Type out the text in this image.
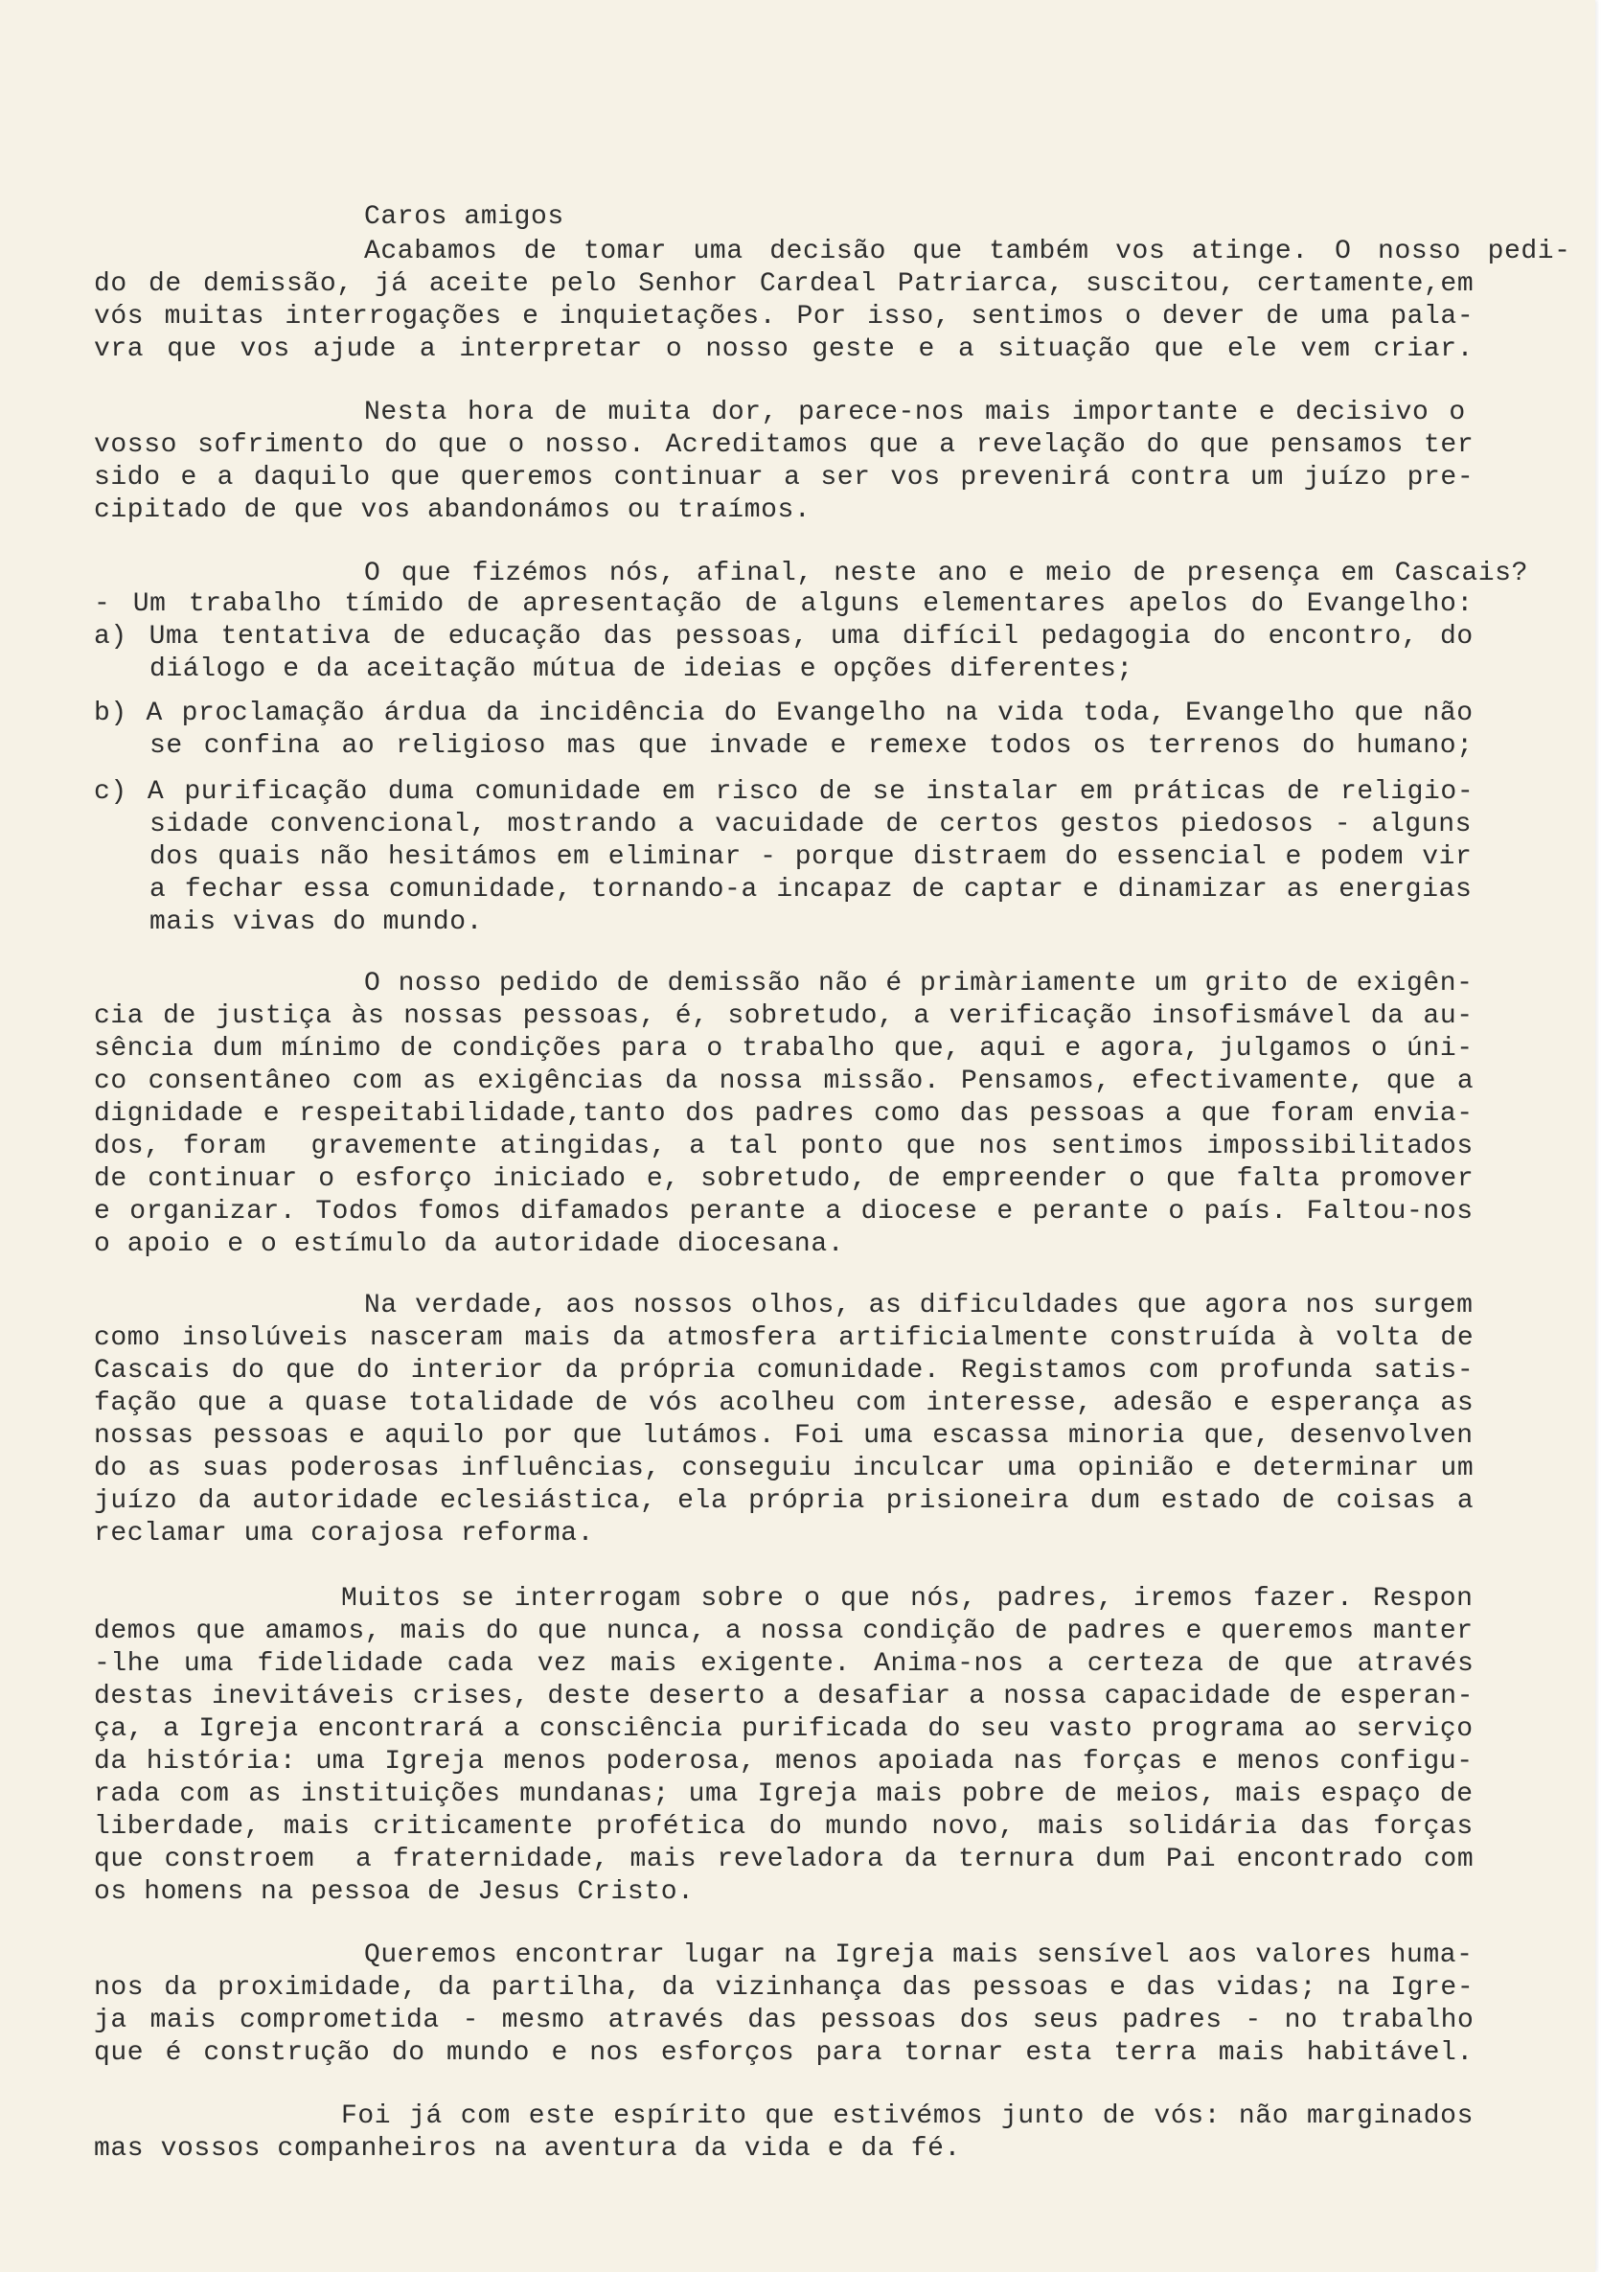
Caros amigos
Acabamos de tomar uma decisão que também vos atinge. O nosso pedi-
do de demissão, já aceite pelo Senhor Cardeal Patriarca, suscitou, certamente,em
vós muitas interrogações e inquietações. Por isso, sentimos o dever de uma pala-
vra que vos ajude a interpretar o nosso geste e a situação que ele vem criar.
Nesta hora de muita dor, parece-nos mais importante e decisivo o
vosso sofrimento do que o nosso. Acreditamos que a revelação do que pensamos ter
sido e a daquilo que queremos continuar a ser vos prevenirá contra um juízo pre-
cipitado de que vos abandonámos ou traímos.
O que fizémos nós, afinal, neste ano e meio de presença em Cascais?
- Um trabalho tímido de apresentação de alguns elementares apelos do Evangelho:
a) Uma tentativa de educação das pessoas, uma difícil pedagogia do encontro, do
diálogo e da aceitação mútua de ideias e opções diferentes;
b) A proclamação árdua da incidência do Evangelho na vida toda, Evangelho que não
se confina ao religioso mas que invade e remexe todos os terrenos do humano;
c) A purificação duma comunidade em risco de se instalar em práticas de religio-
sidade convencional, mostrando a vacuidade de certos gestos piedosos - alguns
dos quais não hesitámos em eliminar - porque distraem do essencial e podem vir
a fechar essa comunidade, tornando-a incapaz de captar e dinamizar as energias
mais vivas do mundo.
O nosso pedido de demissão não é primàriamente um grito de exigên-
cia de justiça às nossas pessoas, é, sobretudo, a verificação insofismável da au-
sência dum mínimo de condições para o trabalho que, aqui e agora, julgamos o úni-
co consentâneo com as exigências da nossa missão. Pensamos, efectivamente, que a
dignidade e respeitabilidade,tanto dos padres como das pessoas a que foram envia-
dos, foram  gravemente atingidas, a tal ponto que nos sentimos impossibilitados
de continuar o esforço iniciado e, sobretudo, de empreender o que falta promover
e organizar. Todos fomos difamados perante a diocese e perante o país. Faltou-nos
o apoio e o estímulo da autoridade diocesana.
Na verdade, aos nossos olhos, as dificuldades que agora nos surgem
como insolúveis nasceram mais da atmosfera artificialmente construída à volta de
Cascais do que do interior da própria comunidade. Registamos com profunda satis-
fação que a quase totalidade de vós acolheu com interesse, adesão e esperança as
nossas pessoas e aquilo por que lutámos. Foi uma escassa minoria que, desenvolven
do as suas poderosas influências, conseguiu inculcar uma opinião e determinar um
juízo da autoridade eclesiástica, ela própria prisioneira dum estado de coisas a
reclamar uma corajosa reforma.
Muitos se interrogam sobre o que nós, padres, iremos fazer. Respon
demos que amamos, mais do que nunca, a nossa condição de padres e queremos manter
-lhe uma fidelidade cada vez mais exigente. Anima-nos a certeza de que através
destas inevitáveis crises, deste deserto a desafiar a nossa capacidade de esperan-
ça, a Igreja encontrará a consciência purificada do seu vasto programa ao serviço
da história: uma Igreja menos poderosa, menos apoiada nas forças e menos configu-
rada com as instituições mundanas; uma Igreja mais pobre de meios, mais espaço de
liberdade, mais criticamente profética do mundo novo, mais solidária das forças
que constroem  a fraternidade, mais reveladora da ternura dum Pai encontrado com
os homens na pessoa de Jesus Cristo.
Queremos encontrar lugar na Igreja mais sensível aos valores huma-
nos da proximidade, da partilha, da vizinhança das pessoas e das vidas; na Igre-
ja mais comprometida - mesmo através das pessoas dos seus padres - no trabalho
que é construção do mundo e nos esforços para tornar esta terra mais habitável.
Foi já com este espírito que estivémos junto de vós: não marginados
mas vossos companheiros na aventura da vida e da fé.
